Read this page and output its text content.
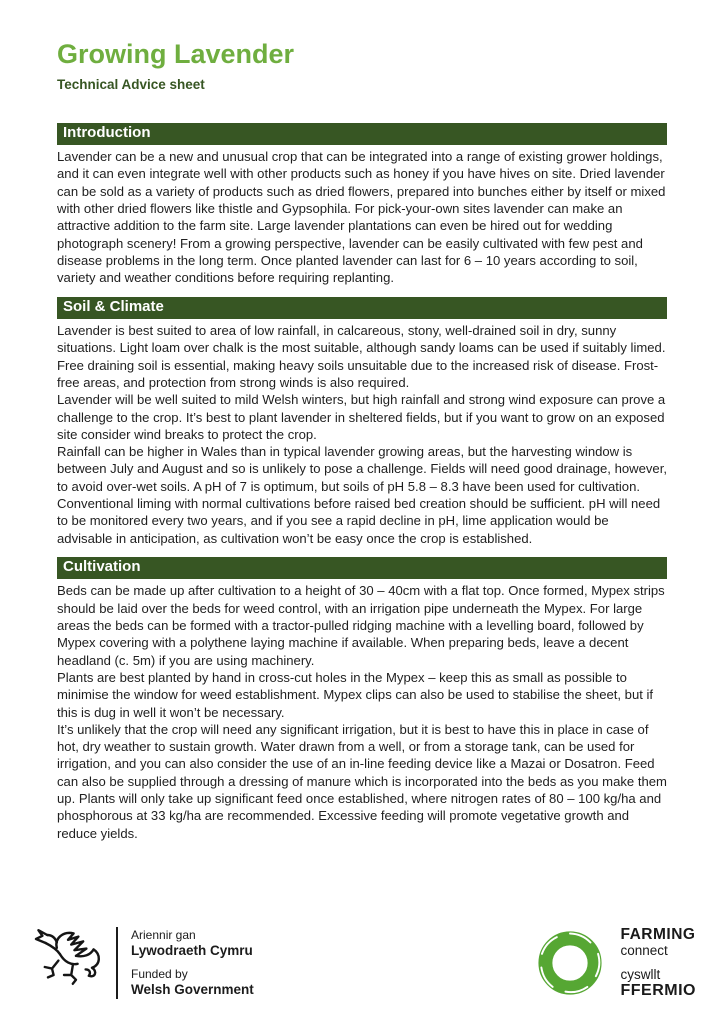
Growing Lavender
Technical Advice sheet
Introduction

Lavender can be a new and unusual crop that can be integrated into a range of existing grower holdings, and it can even integrate well with other products such as honey if you have hives on site. Dried lavender can be sold as a variety of products such as dried flowers, prepared into bunches either by itself or mixed with other dried flowers like thistle and Gypsophila. For pick-your-own sites lavender can make an attractive addition to the farm site. Large lavender plantations can even be hired out for wedding photograph scenery! From a growing perspective, lavender can be easily cultivated with few pest and disease problems in the long term. Once planted lavender can last for 6 – 10 years according to soil, variety and weather conditions before requiring replanting.

Soil & Climate

Lavender is best suited to area of low rainfall, in calcareous, stony, well-drained soil in dry, sunny situations. Light loam over chalk is the most suitable, although sandy loams can be used if suitably limed. Free draining soil is essential, making heavy soils unsuitable due to the increased risk of disease. Frost-free areas, and protection from strong winds is also required.

Lavender will be well suited to mild Welsh winters, but high rainfall and strong wind exposure can prove a challenge to the crop. It’s best to plant lavender in sheltered fields, but if you want to grow on an exposed site consider wind breaks to protect the crop.

Rainfall can be higher in Wales than in typical lavender growing areas, but the harvesting window is between July and August and so is unlikely to pose a challenge. Fields will need good drainage, however, to avoid over-wet soils. A pH of 7 is optimum, but soils of pH 5.8 – 8.3 have been used for cultivation. Conventional liming with normal cultivations before raised bed creation should be sufficient. pH will need to be monitored every two years, and if you see a rapid decline in pH, lime application would be advisable in anticipation, as cultivation won’t be easy once the crop is established.

Cultivation

Beds can be made up after cultivation to a height of 30 – 40cm with a flat top. Once formed, Mypex strips should be laid over the beds for weed control, with an irrigation pipe underneath the Mypex. For large areas the beds can be formed with a tractor-pulled ridging machine with a levelling board, followed by Mypex covering with a polythene laying machine if available. When preparing beds, leave a decent headland (c. 5m) if you are using machinery.

Plants are best planted by hand in cross-cut holes in the Mypex – keep this as small as possible to minimise the window for weed establishment. Mypex clips can also be used to stabilise the sheet, but if this is dug in well it won’t be necessary.

It’s unlikely that the crop will need any significant irrigation, but it is best to have this in place in case of hot, dry weather to sustain growth. Water drawn from a well, or from a storage tank, can be used for irrigation, and you can also consider the use of an in-line feeding device like a Mazai or Dosatron. Feed can also be supplied through a dressing of manure which is incorporated into the beds as you make them up. Plants will only take up significant feed once established, where nitrogen rates of 80 – 100 kg/ha and phosphorous at 33 kg/ha are recommended. Excessive feeding will promote vegetative growth and reduce yields.

Ariennir gan
Lywodraeth Cymru
Funded by
Welsh Government
FARMING
connect
cyswllt
FFERMIO
